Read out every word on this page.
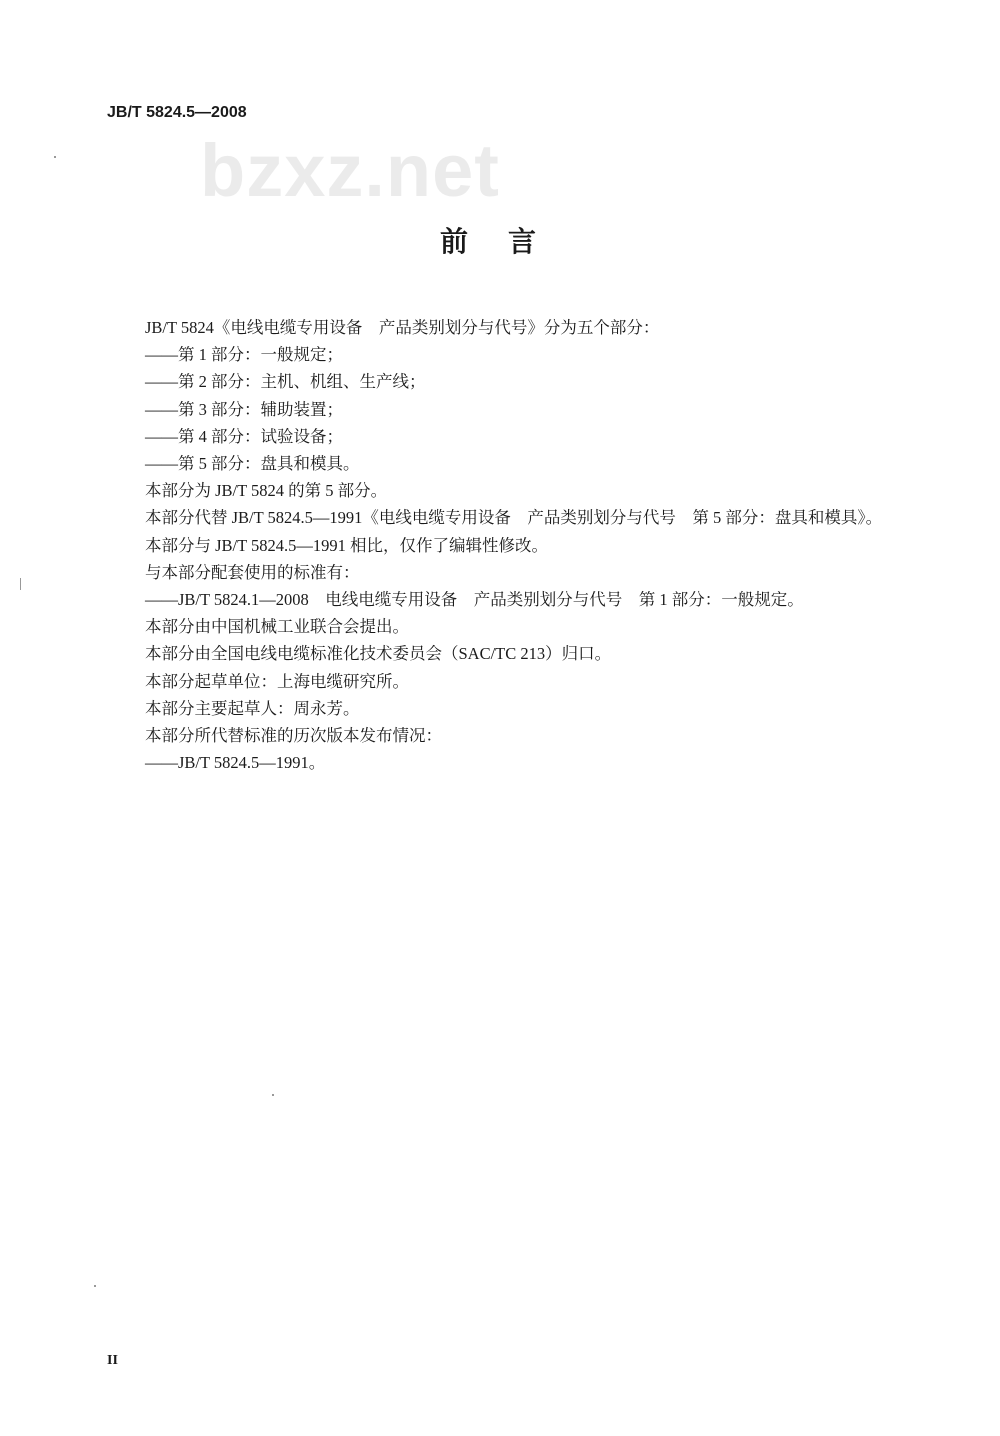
JB/T 5824.5—2008
bzxz.net
前言

JB/T 5824《电线电缆专用设备　产品类别划分与代号》分为五个部分：

——第 1 部分：一般规定；

——第 2 部分：主机、机组、生产线；

——第 3 部分：辅助装置；

——第 4 部分：试验设备；

——第 5 部分：盘具和模具。

本部分为 JB/T 5824 的第 5 部分。

本部分代替 JB/T 5824.5—1991《电线电缆专用设备　产品类别划分与代号　第 5 部分：盘具和模具》。

本部分与 JB/T 5824.5—1991 相比，仅作了编辑性修改。

与本部分配套使用的标准有：

——JB/T 5824.1—2008　电线电缆专用设备　产品类别划分与代号　第 1 部分：一般规定。

本部分由中国机械工业联合会提出。

本部分由全国电线电缆标准化技术委员会（SAC/TC 213）归口。

本部分起草单位：上海电缆研究所。

本部分主要起草人：周永芳。

本部分所代替标准的历次版本发布情况：

——JB/T 5824.5—1991。

II
